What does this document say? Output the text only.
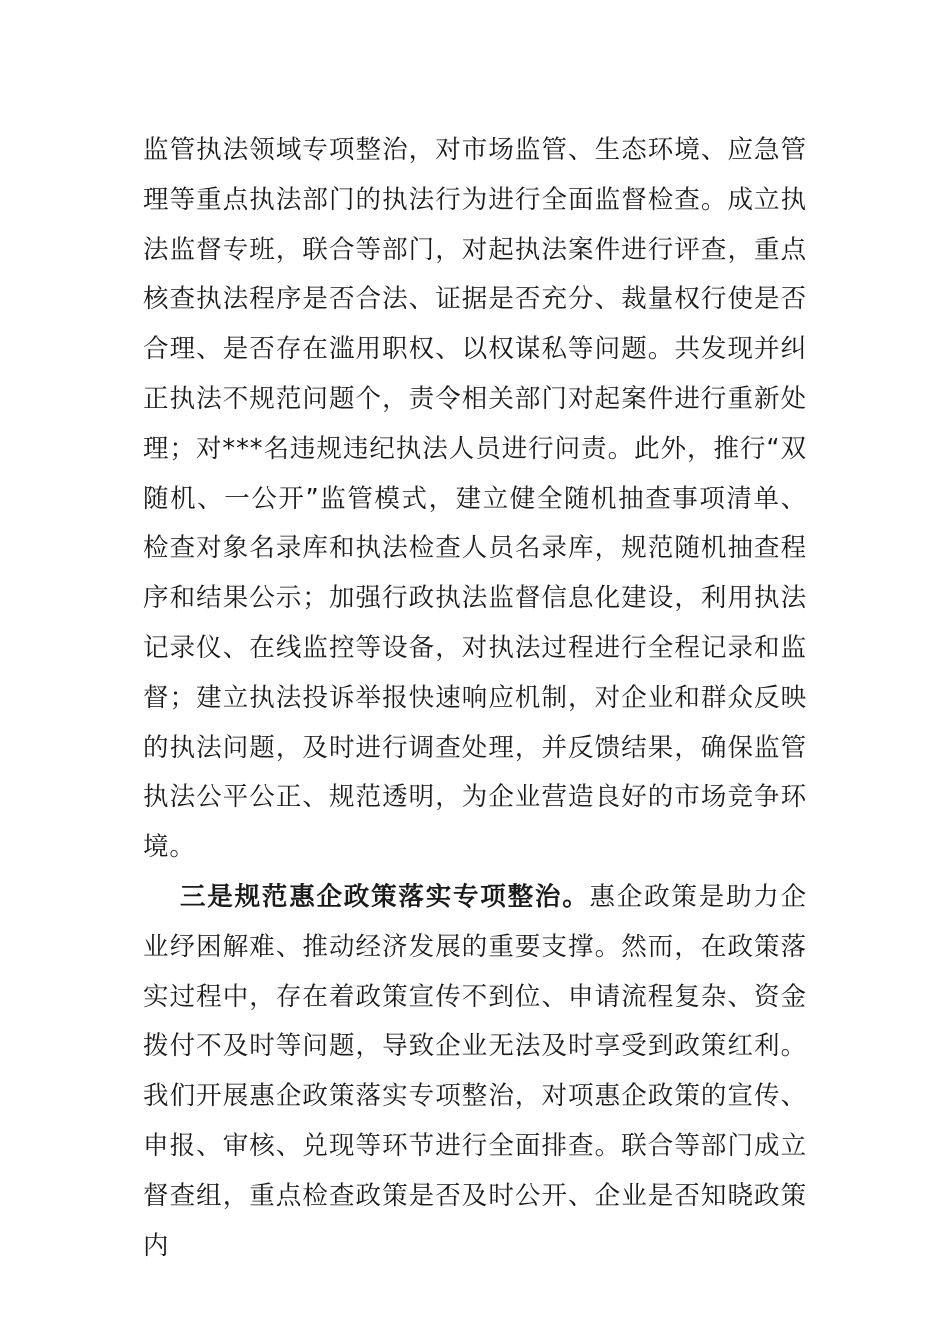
监管执法领域专项整治，对市场监管、生态环境、应急管理等重点执法部门的执法行为进行全面监督检查。成立执法监督专班，联合等部门，对起执法案件进行评查，重点核查执法程序是否合法、证据是否充分、裁量权行使是否合理、是否存在滥用职权、以权谋私等问题。共发现并纠正执法不规范问题个，责令相关部门对起案件进行重新处理；对***名违规违纪执法人员进行问责。此外，推行“双随机、一公开”监管模式，建立健全随机抽查事项清单、检查对象名录库和执法检查人员名录库，规范随机抽查程序和结果公示；加强行政执法监督信息化建设，利用执法记录仪、在线监控等设备，对执法过程进行全程记录和监督；建立执法投诉举报快速响应机制，对企业和群众反映的执法问题，及时进行调查处理，并反馈结果，确保监管执法公平公正、规范透明，为企业营造良好的市场竞争环境。

三是规范惠企政策落实专项整治。惠企政策是助力企业纾困解难、推动经济发展的重要支撑。然而，在政策落实过程中，存在着政策宣传不到位、申请流程复杂、资金拨付不及时等问题，导致企业无法及时享受到政策红利。我们开展惠企政策落实专项整治，对项惠企政策的宣传、申报、审核、兑现等环节进行全面排查。联合等部门成立督查组，重点检查政策是否及时公开、企业是否知晓政策内
